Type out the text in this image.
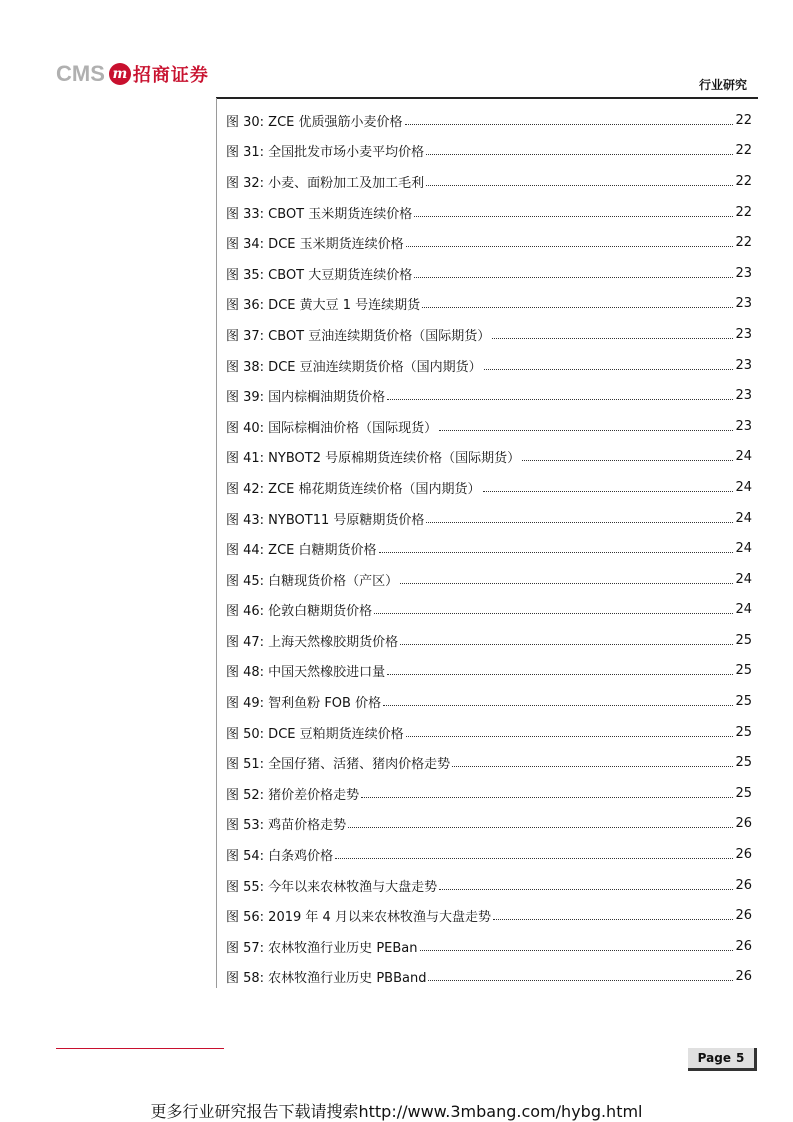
CMS m 招商证券	行业研究
图 30: ZCE 优质强筋小麦价格	22
图 31: 全国批发市场小麦平均价格	22
图 32: 小麦、面粉加工及加工毛利	22
图 33: CBOT 玉米期货连续价格	22
图 34: DCE 玉米期货连续价格	22
图 35: CBOT 大豆期货连续价格	23
图 36: DCE 黄大豆 1 号连续期货	23
图 37: CBOT 豆油连续期货价格（国际期货）	23
图 38: DCE 豆油连续期货价格（国内期货）	23
图 39: 国内棕榈油期货价格	23
图 40: 国际棕榈油价格（国际现货）	23
图 41: NYBOT2 号原棉期货连续价格（国际期货）	24
图 42: ZCE 棉花期货连续价格（国内期货）	24
图 43: NYBOT11 号原糖期货价格	24
图 44: ZCE 白糖期货价格	24
图 45: 白糖现货价格（产区）	24
图 46: 伦敦白糖期货价格	24
图 47: 上海天然橡胶期货价格	25
图 48: 中国天然橡胶进口量	25
图 49: 智利鱼粉 FOB 价格	25
图 50: DCE 豆粕期货连续价格	25
图 51: 全国仔猪、活猪、猪肉价格走势	25
图 52: 猪价差价格走势	25
图 53: 鸡苗价格走势	26
图 54: 白条鸡价格	26
图 55: 今年以来农林牧渔与大盘走势	26
图 56: 2019 年 4 月以来农林牧渔与大盘走势	26
图 57: 农林牧渔行业历史 PEBan	26
图 58: 农林牧渔行业历史 PBBand	26
Page 5
更多行业研究报告下载请搜索http://www.3mbang.com/hybg.html
